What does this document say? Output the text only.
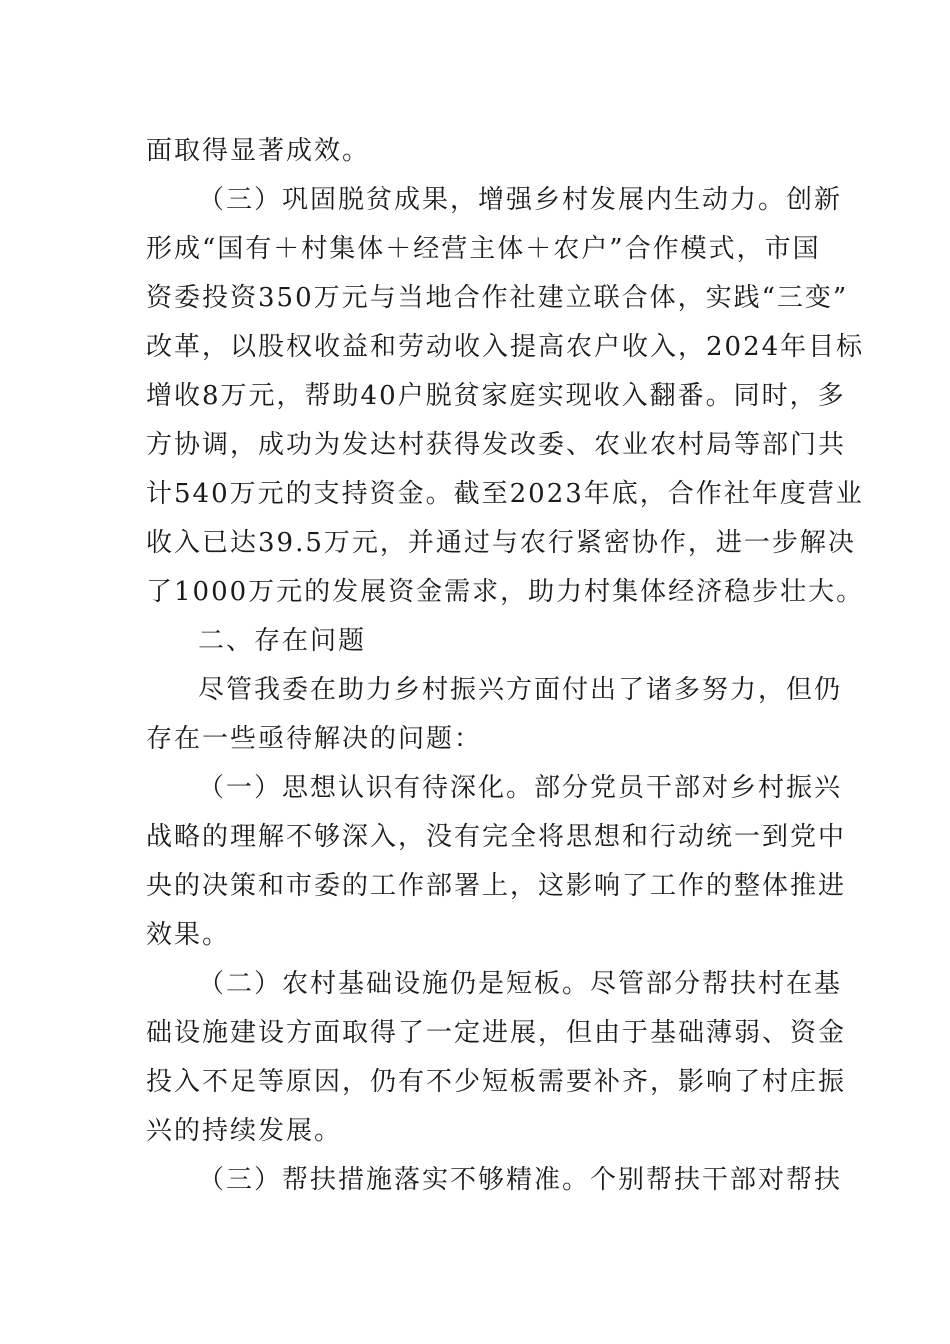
面取得显著成效。
（三）巩固脱贫成果，增强乡村发展内生动力。创新
形成“国有＋村集体＋经营主体＋农户”合作模式，市国
资委投资350万元与当地合作社建立联合体，实践“三变”
改革，以股权收益和劳动收入提高农户收入，2024年目标
增收8万元，帮助40户脱贫家庭实现收入翻番。同时，多
方协调，成功为发达村获得发改委、农业农村局等部门共
计540万元的支持资金。截至2023年底，合作社年度营业
收入已达39.5万元，并通过与农行紧密协作，进一步解决
了1000万元的发展资金需求，助力村集体经济稳步壮大。
二、存在问题
尽管我委在助力乡村振兴方面付出了诸多努力，但仍
存在一些亟待解决的问题：
（一）思想认识有待深化。部分党员干部对乡村振兴
战略的理解不够深入，没有完全将思想和行动统一到党中
央的决策和市委的工作部署上，这影响了工作的整体推进
效果。
（二）农村基础设施仍是短板。尽管部分帮扶村在基
础设施建设方面取得了一定进展，但由于基础薄弱、资金
投入不足等原因，仍有不少短板需要补齐，影响了村庄振
兴的持续发展。
（三）帮扶措施落实不够精准。个别帮扶干部对帮扶
